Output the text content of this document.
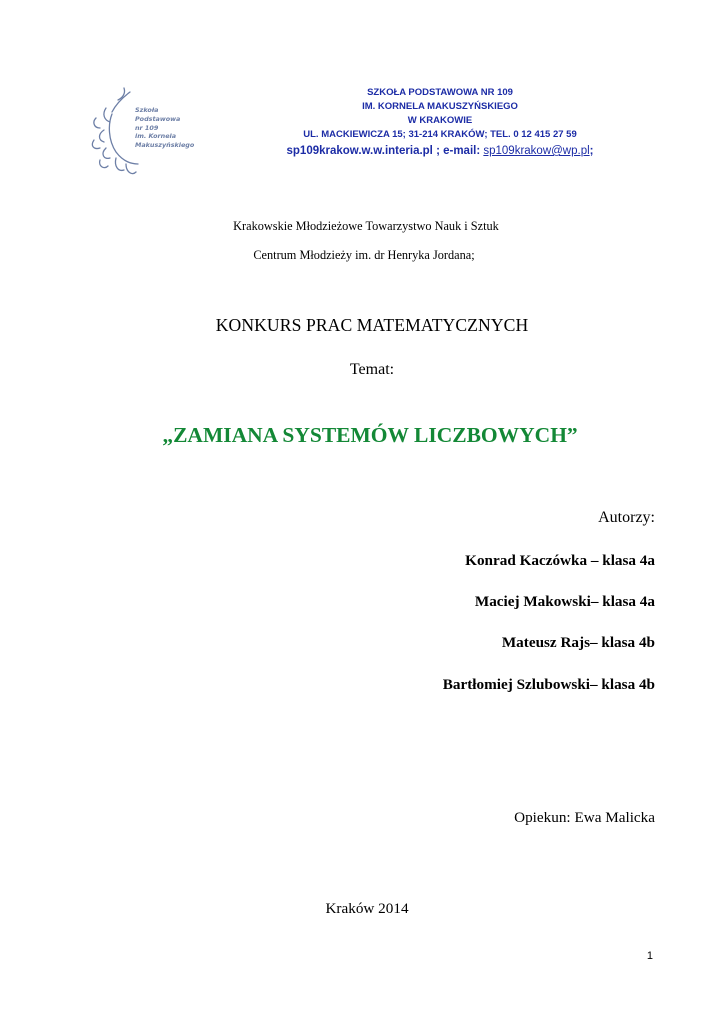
Szkoła
Podstawowa
nr 109
im. Kornela
Makuszyńskiego
SZKOŁA PODSTAWOWA NR 109
IM. KORNELA MAKUSZYŃSKIEGO
W KRAKOWIE
UL. MACKIEWICZA 15; 31-214 KRAKÓW; TEL. 0 12 415 27 59
sp109krakow.w.w.interia.pl ; e-mail: sp109krakow@wp.pl;
Krakowskie Młodzieżowe Towarzystwo Nauk i Sztuk
Centrum Młodzieży im. dr Henryka Jordana;
KONKURS PRAC MATEMATYCZNYCH
Temat:
„ZAMIANA SYSTEMÓW LICZBOWYCH”
Autorzy:
Konrad Kaczówka – klasa 4a
Maciej Makowski– klasa 4a
Mateusz Rajs– klasa 4b
Bartłomiej Szlubowski– klasa 4b
Opiekun: Ewa Malicka
Kraków 2014
1
